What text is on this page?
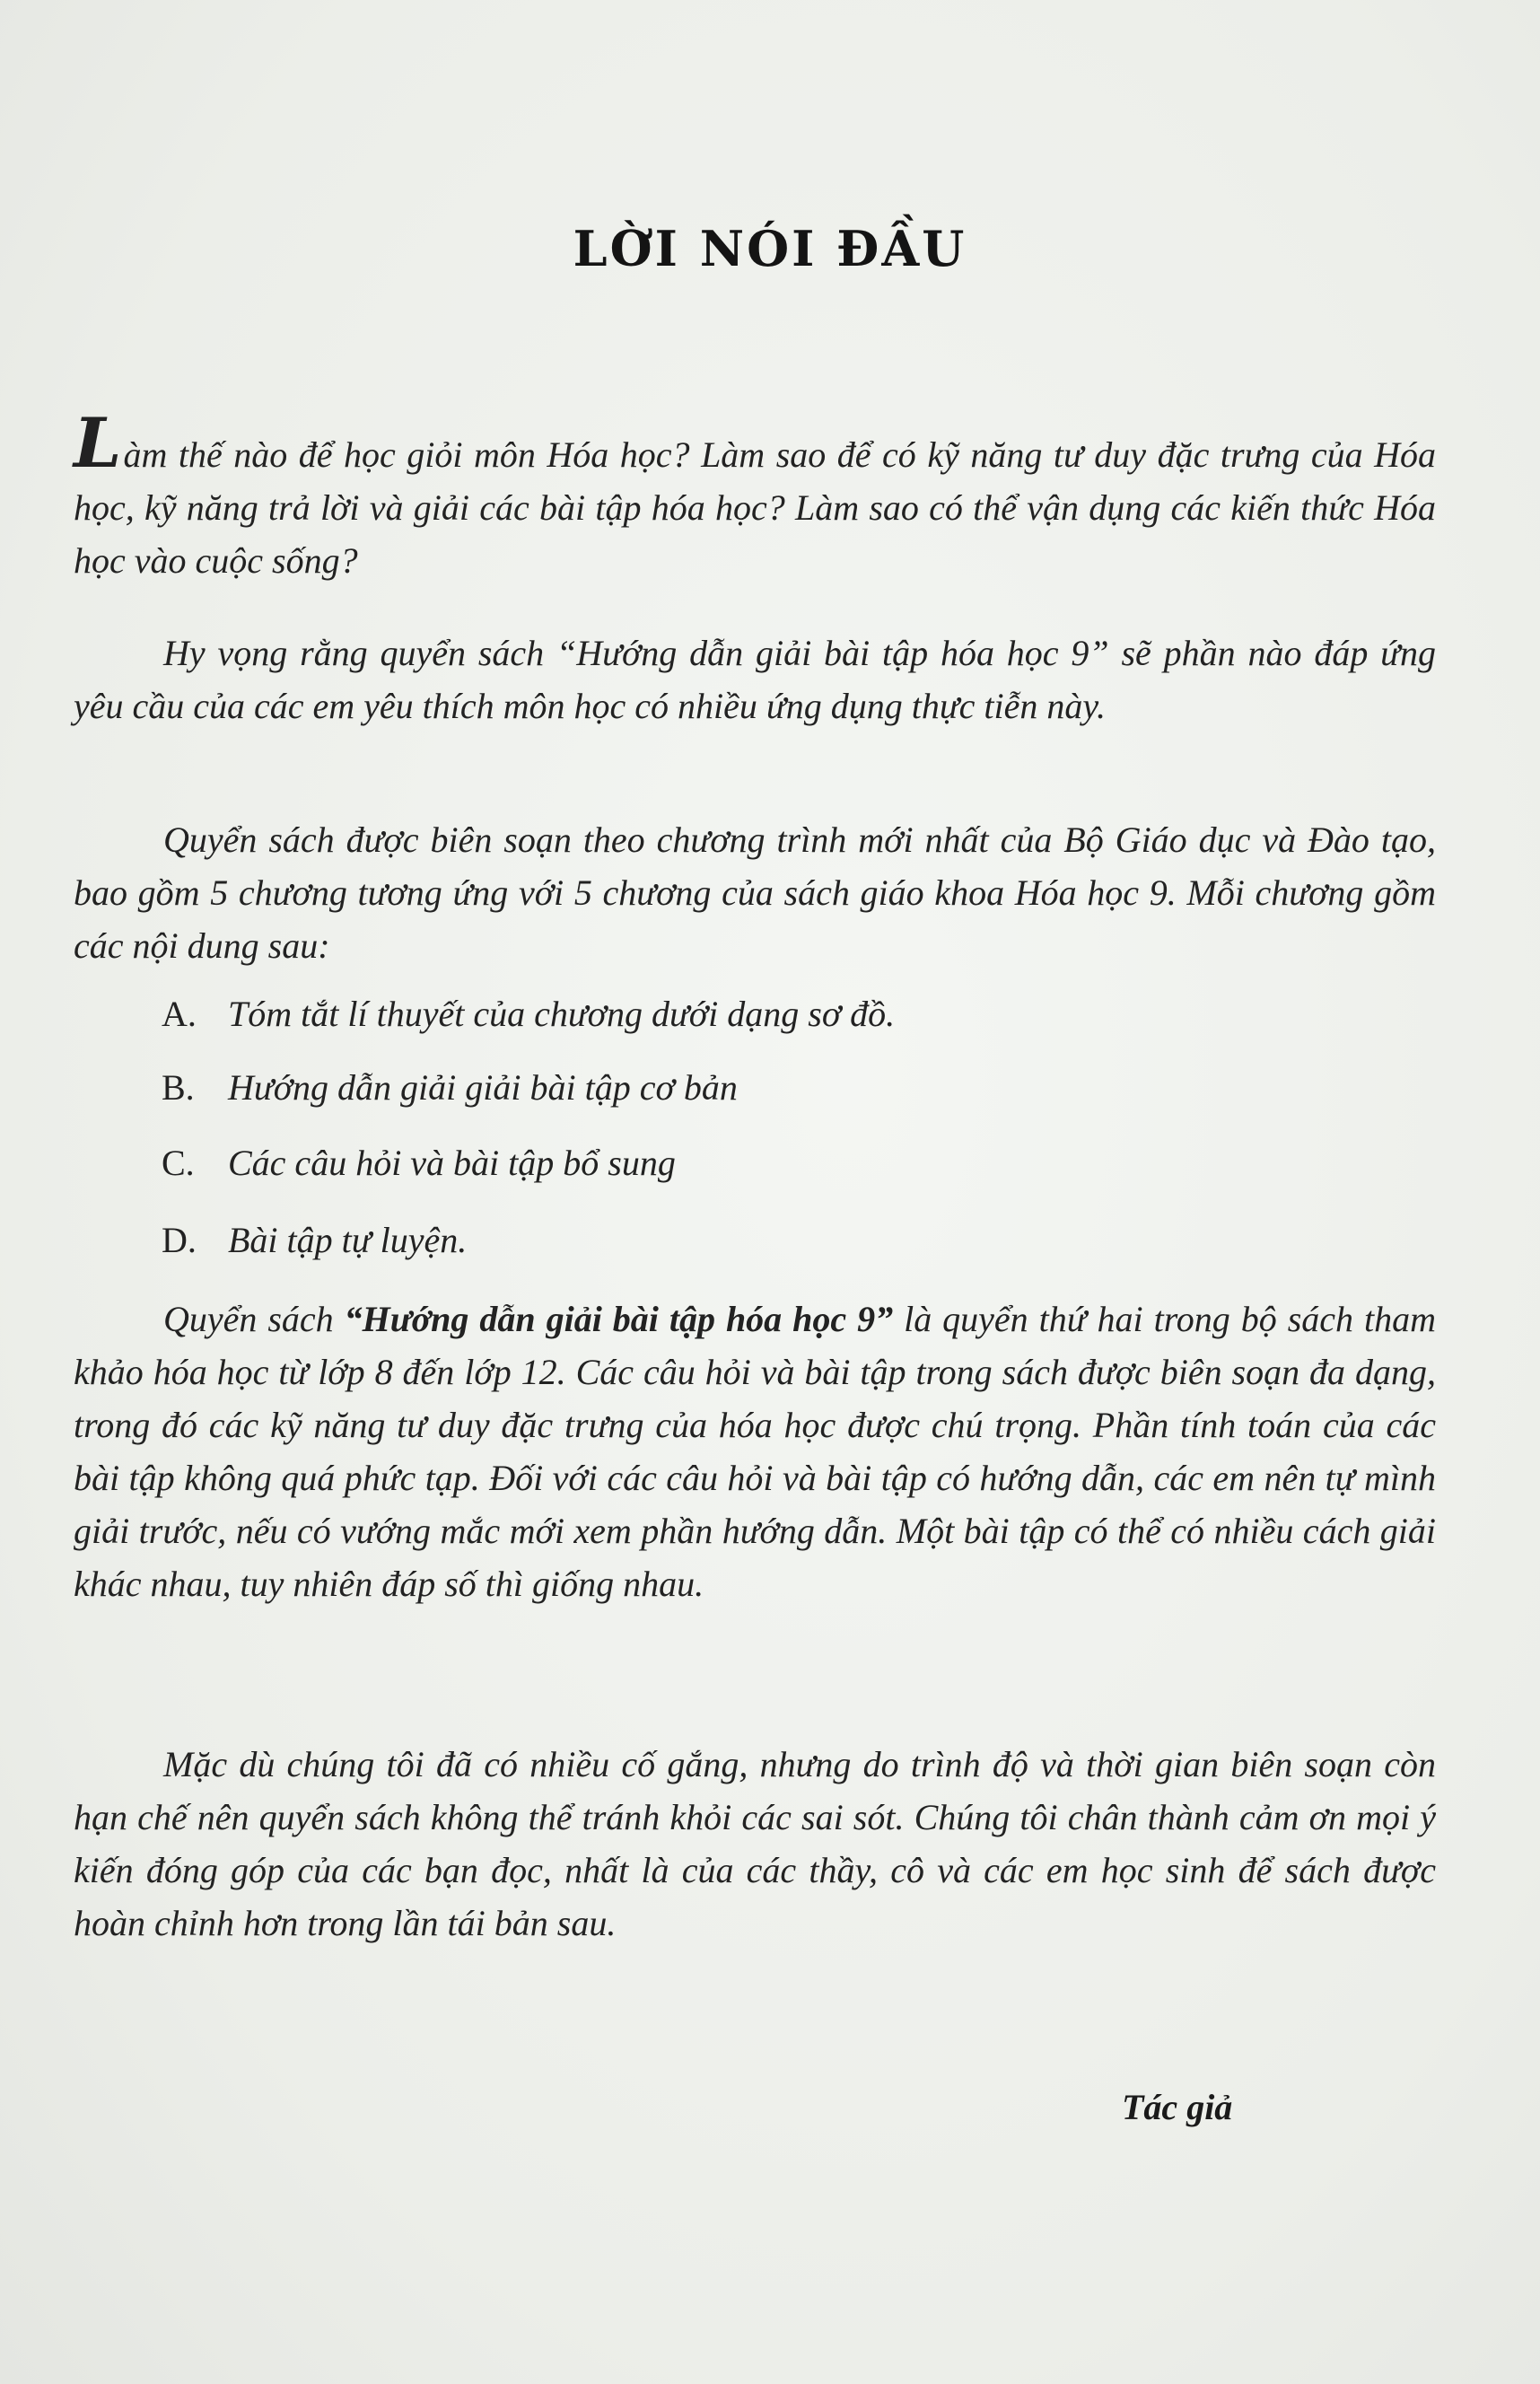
LỜI NÓI ĐẦU
Làm thế nào để học giỏi môn Hóa học? Làm sao để có kỹ năng tư duy đặc trưng của Hóa học, kỹ năng trả lời và giải các bài tập hóa học? Làm sao có thể vận dụng các kiến thức Hóa học vào cuộc sống?
Hy vọng rằng quyển sách “Hướng dẫn giải bài tập hóa học 9” sẽ phần nào đáp ứng yêu cầu của các em yêu thích môn học có nhiều ứng dụng thực tiễn này.
Quyển sách được biên soạn theo chương trình mới nhất của Bộ Giáo dục và Đào tạo, bao gồm 5 chương tương ứng với 5 chương của sách giáo khoa Hóa học 9. Mỗi chương gồm các nội dung sau:
A. Tóm tắt lí thuyết của chương dưới dạng sơ đồ.
B. Hướng dẫn giải giải bài tập cơ bản
C. Các câu hỏi và bài tập bổ sung
D. Bài tập tự luyện.
Quyển sách “Hướng dẫn giải bài tập hóa học 9” là quyển thứ hai trong bộ sách tham khảo hóa học từ lớp 8 đến lớp 12. Các câu hỏi và bài tập trong sách được biên soạn đa dạng, trong đó các kỹ năng tư duy đặc trưng của hóa học được chú trọng. Phần tính toán của các bài tập không quá phức tạp. Đối với các câu hỏi và bài tập có hướng dẫn, các em nên tự mình giải trước, nếu có vướng mắc mới xem phần hướng dẫn. Một bài tập có thể có nhiều cách giải khác nhau, tuy nhiên đáp số thì giống nhau.
Mặc dù chúng tôi đã có nhiều cố gắng, nhưng do trình độ và thời gian biên soạn còn hạn chế nên quyển sách không thể tránh khỏi các sai sót. Chúng tôi chân thành cảm ơn mọi ý kiến đóng góp của các bạn đọc, nhất là của các thầy, cô và các em học sinh để sách được hoàn chỉnh hơn trong lần tái bản sau.
Tác giả
